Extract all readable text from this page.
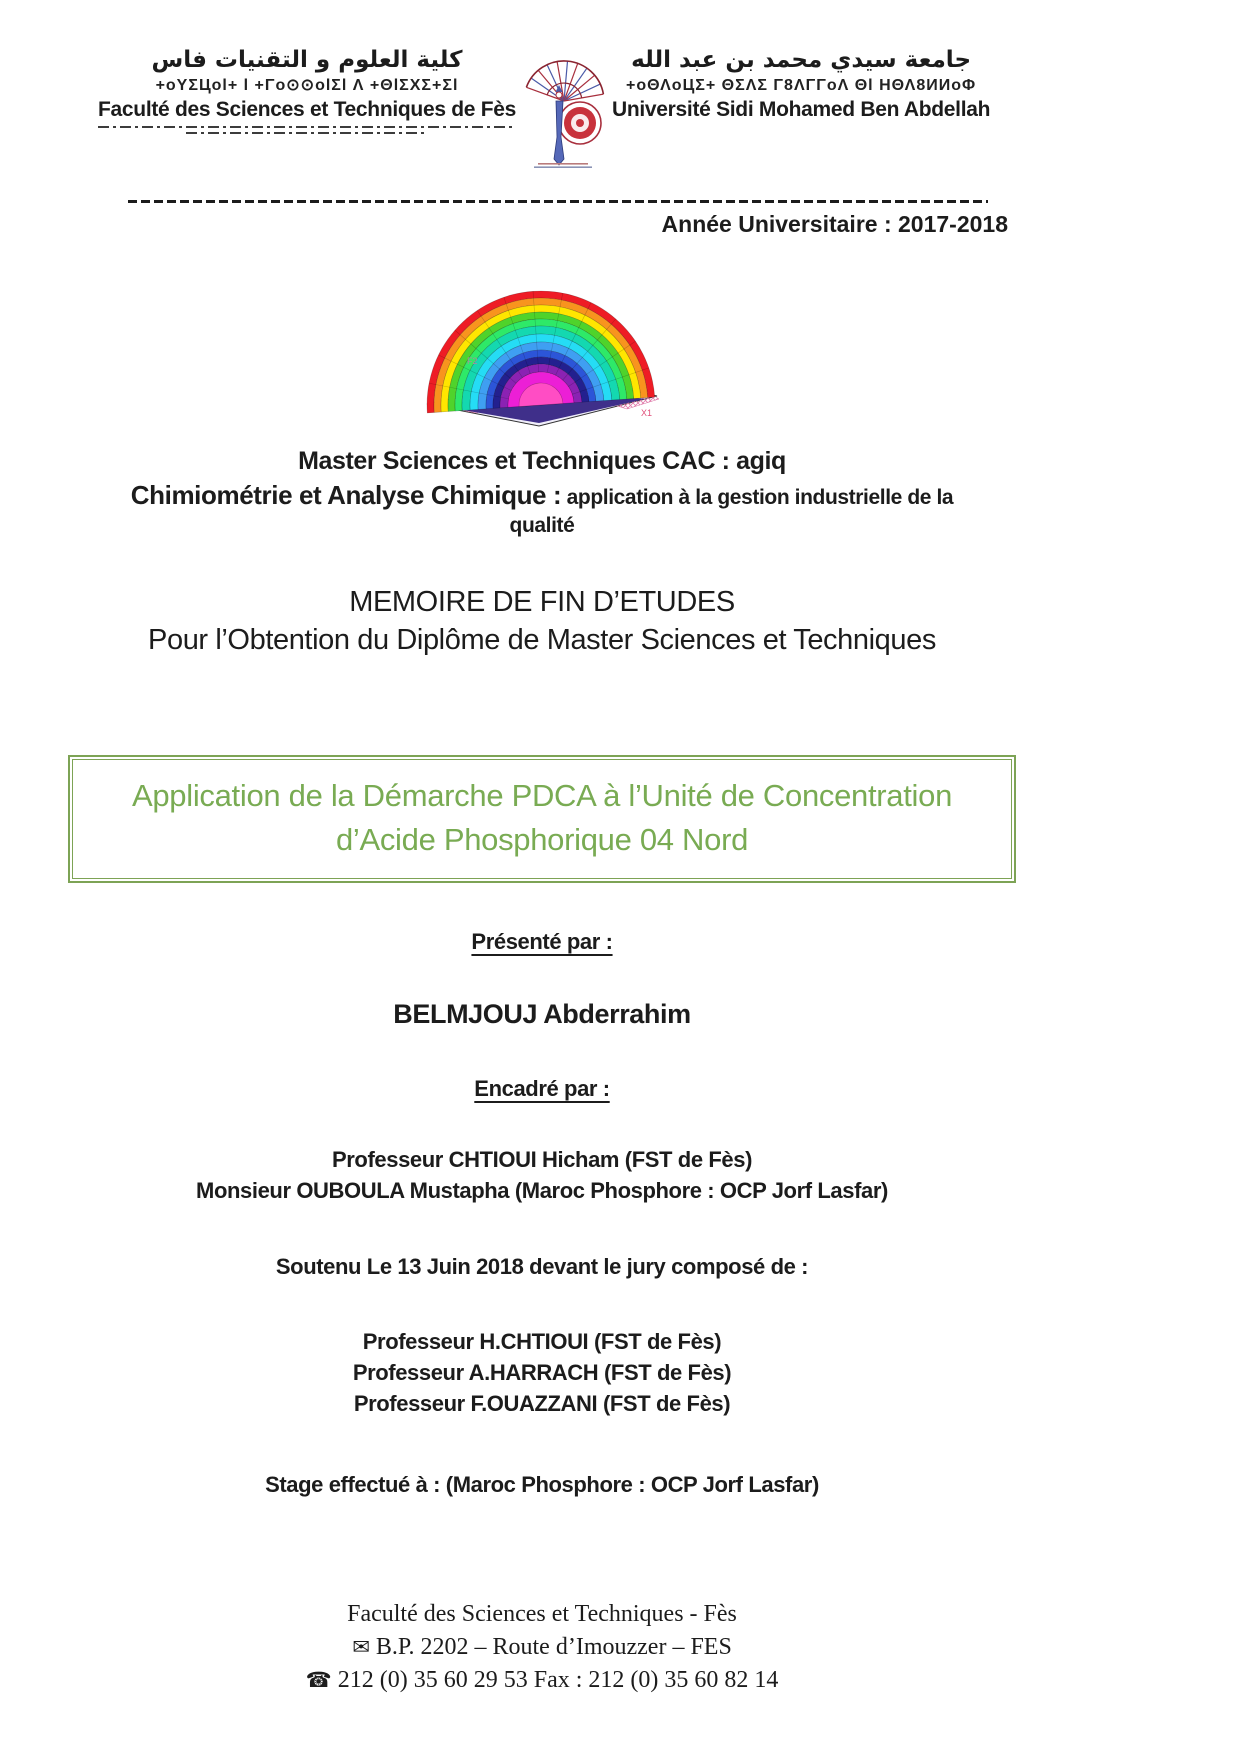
كلية العلوم و التقنيات فاس
+oYΣЦol+ l +Γo⊙⊙olΣl Λ +ΘlΣXΣ+Σl
Faculté des Sciences et Techniques de Fès
جامعة سيدي محمد بن عبد الله
+oΘΛoЦΣ+ ΘΣΛΣ Γ8ΛΓΓoΛ Θl ΗΘΛ8ИИoΦ
Université Sidi Mohamed Ben Abdellah
Année Universitaire : 2017-2018
F2
X1
Master Sciences et Techniques CAC : agiq
Chimiométrie et Analyse Chimique : application à la gestion industrielle de la
qualité
MEMOIRE DE FIN D’ETUDES
Pour l’Obtention du Diplôme de Master Sciences et Techniques
Application de la Démarche PDCA à l’Unité de Concentration
d’Acide Phosphorique 04 Nord
Présenté par :
BELMJOUJ Abderrahim
Encadré par :
Professeur CHTIOUI Hicham (FST de Fès)
Monsieur OUBOULA Mustapha (Maroc Phosphore : OCP Jorf Lasfar)
Soutenu Le 13 Juin 2018 devant le jury composé de :
Professeur H.CHTIOUI (FST de Fès)
Professeur A.HARRACH (FST de Fès)
Professeur F.OUAZZANI (FST de Fès)
Stage effectué à : (Maroc Phosphore : OCP Jorf Lasfar)
Faculté des Sciences et Techniques - Fès
✉ B.P. 2202 – Route d’Imouzzer – FES
☎ 212 (0) 35 60 29 53 Fax : 212 (0) 35 60 82 14
